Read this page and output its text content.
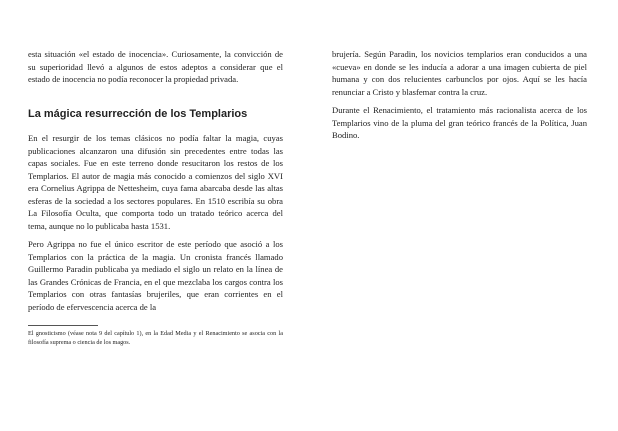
esta situación «el estado de inocencia». Curiosamente, la convicción de su superioridad llevó a algunos de estos adeptos a considerar que el estado de inocencia no podía reconocer la propiedad privada.

La mágica resurrección de los Templarios

En el resurgir de los temas clásicos no podía faltar la magia, cuyas publicaciones alcanzaron una difusión sin precedentes entre todas las capas sociales. Fue en este terreno donde resucitaron los restos de los Templarios. El autor de magia más conocido a comienzos del siglo XVI era Cornelius Agrippa de Nettesheim, cuya fama abarcaba desde las altas esferas de la sociedad a los sectores populares. En 1510 escribía su obra La Filosofía Oculta, que comporta todo un tratado teórico acerca del tema, aunque no lo publicaba hasta 1531.

Pero Agrippa no fue el único escritor de este período que asoció a los Templarios con la práctica de la magia. Un cronista francés llamado Guillermo Paradin publicaba ya mediado el siglo un relato en la línea de las Grandes Crónicas de Francia, en el que mezclaba los cargos contra los Templarios con otras fantasías brujeriles, que eran corrientes en el período de efervescencia acerca de la

El gnosticismo (véase nota 9 del capítulo 1), en la Edad Media y el Renacimiento se asocia con la filosofía suprema o ciencia de los magos.

brujería. Según Paradin, los novicios templarios eran conducidos a una «cueva» en donde se les inducía a adorar a una imagen cubierta de piel humana y con dos relucientes carbunclos por ojos. Aquí se les hacía renunciar a Cristo y blasfemar contra la cruz.

Durante el Renacimiento, el tratamiento más racionalista acerca de los Templarios vino de la pluma del gran teórico francés de la Política, Juan Bodino.
